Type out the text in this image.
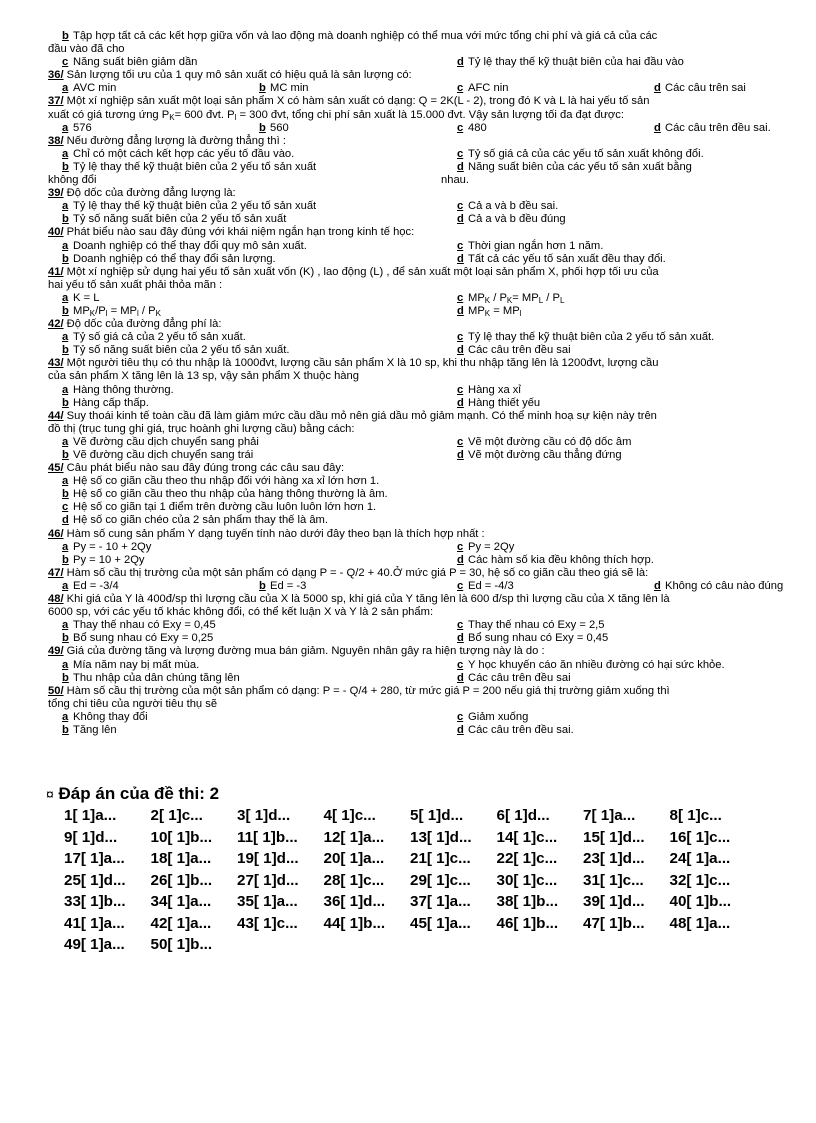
b Tập hợp tất cả các kết hợp giữa vốn và lao động mà doanh nghiệp có thể mua với mức tổng chi phí và giá cả của các
đầu vào đã cho
c Năng suất biên giảm dần	d Tỷ lệ thay thế kỹ thuật biên của hai đầu vào
36/ Sản lượng tối ưu của 1 quy mô sản xuất có hiệu quả là sản lượng có:
a AVC min	b MC min	c AFC nin	d Các câu trên sai
37/ Một xí nghiệp sản xuất một loại sản phẩm X có hàm sản xuất có dạng: Q = 2K(L - 2), trong đó K và L là hai yếu tố sản
xuất có giá tương ứng $P_K= 600$ đvt. $P_l = 300$ đvt, tổng chi phí sản xuất là 15.000 đvt. Vậy sản lượng tối đa đạt được:
a 576	b 560	c 480	d Các câu trên đều sai.
38/ Nếu đường đẳng lượng là đường thẳng thì :
a Chỉ có một cách kết hợp các yếu tố đầu vào.	c Tỷ số giá cả của các yếu tố sản xuất không đổi.
b Tỷ lệ thay thế kỹ thuật biên của 2 yếu tố sản xuất	d Năng suất biên của các yếu tố sản xuất bằng
không đổi	nhau.
39/ Độ dốc của đường đẳng lượng là:
a Tỷ lệ thay thế kỹ thuật biên của 2 yếu tố sản xuất	c Cả a và b đều sai.
b Tỷ số năng suất biên của 2 yếu tố sản xuất	d Cả a và b đều đúng
40/ Phát biểu nào sau đây đúng với khái niệm ngắn hạn trong kinh tế học:
a Doanh nghiệp có thể thay đổi quy mô sản xuất.	c Thời gian ngắn hơn 1 năm.
b Doanh nghiệp có thể thay đổi sản lượng.	d Tất cả các yếu tố sản xuất đều thay đổi.
41/ Một xí nghiệp sử dụng hai yếu tố sản xuất vốn (K) , lao động (L) , để sản xuất một loại sản phẩm X, phối hợp tối ưu của
hai yếu tố sản xuất phải thỏa mãn :
a K = L	c $MP_K / P_K= MP_L / P_L$
b $MP_K/P_l = MP_l / P_K$	d $MP_K = MP_l$
42/ Độ dốc của đường đẳng phí là:
a Tỷ số giá cả của 2 yếu tố sản xuất.	c Tỷ lệ thay thế kỹ thuật biên của 2 yếu tố sản xuất.
b Tỷ số năng suất biên của 2 yếu tố sản xuất.	d Các câu trên đều sai
43/ Một người tiêu thụ có thu nhập là 1000đvt, lượng cầu sản phẩm X là 10 sp, khi thu nhập tăng lên là 1200đvt, lượng cầu
của sản phẩm X tăng lên là 13 sp, vậy sản phẩm X thuộc hàng
a Hàng thông thường.	c Hàng xa xỉ
b Hàng cấp thấp.	d Hàng thiết yếu
44/ Suy thoái kinh tế toàn cầu đã làm giảm mức cầu dầu mỏ nên giá dầu mỏ giảm mạnh. Có thể minh hoạ sự kiện này trên
đồ thị (trục tung ghi giá, trục hoành ghi lượng cầu) bằng cách:
a Vẽ đường cầu dịch chuyển sang phải	c Vẽ một đường cầu có độ dốc âm
b Vẽ đường cầu dịch chuyển sang trái	d Vẽ một đường cầu thẳng đứng
45/ Câu phát biểu nào sau đây đúng trong các câu sau đây:
a Hệ số co giãn cầu theo thu nhập đối với hàng xa xỉ lớn hơn 1.
b Hệ số co giãn cầu theo thu nhập của hàng thông thường là âm.
c Hệ số co giãn tại 1 điểm trên đường cầu luôn luôn lớn hơn 1.
d Hệ số co giãn chéo của 2 sản phẩm thay thế là âm.
46/ Hàm số cung sản phẩm Y dạng tuyến tính nào dưới đây theo bạn là thích hợp nhất :
a Py = - 10 + 2Qy	c Py = 2Qy
b Py = 10 + 2Qy	d Các hàm số kia đều không thích hợp.
47/ Hàm số cầu thị trường của một sản phẩm có dạng P = - Q/2 + 40.Ở mức giá P = 30, hệ số co giãn cầu theo giá sẽ là:
a Ed = -3/4	b Ed = -3	c Ed = -4/3	d Không có câu nào đúng
48/ Khi giá của Y là 400đ/sp thì lượng cầu của X là 5000 sp, khi giá của Y tăng lên là 600 đ/sp thì lượng cầu của X tăng lên là
6000 sp, với các yếu tố khác không đổi, có thể kết luận X và Y là 2 sản phẩm:
a Thay thế nhau có Exy = 0,45	c Thay thế nhau có Exy = 2,5
b Bổ sung nhau có Exy = 0,25	d Bổ sung nhau có Exy = 0,45
49/ Giá của đường tăng và lượng đường mua bán giảm. Nguyên nhân gây ra hiện tượng này là do :
a Mía năm nay bị mất mùa.	c Y học khuyến cáo ăn nhiều đường có hại sức khỏe.
b Thu nhập của dân chúng tăng lên	d Các câu trên đều sai
50/ Hàm số cầu thị trường của một sản phẩm có dạng: P = - Q/4 + 280, từ mức giá P = 200 nếu giá thị trường giảm xuống thì
tổng chi tiêu của người tiêu thụ sẽ
a Không thay đổi	c Giảm xuống
b Tăng lên	d Các câu trên đều sai.
¤ Đáp án của đề thi: 2
1[ 1]a...	2[ 1]c...	3[ 1]d...	4[ 1]c...	5[ 1]d...	6[ 1]d...	7[ 1]a...	8[ 1]c...
9[ 1]d...	10[ 1]b...	11[ 1]b...	12[ 1]a...	13[ 1]d...	14[ 1]c...	15[ 1]d...	16[ 1]c...
17[ 1]a...	18[ 1]a...	19[ 1]d...	20[ 1]a...	21[ 1]c...	22[ 1]c...	23[ 1]d...	24[ 1]a...
25[ 1]d...	26[ 1]b...	27[ 1]d...	28[ 1]c...	29[ 1]c...	30[ 1]c...	31[ 1]c...	32[ 1]c...
33[ 1]b...	34[ 1]a...	35[ 1]a...	36[ 1]d...	37[ 1]a...	38[ 1]b...	39[ 1]d...	40[ 1]b...
41[ 1]a...	42[ 1]a...	43[ 1]c...	44[ 1]b...	45[ 1]a...	46[ 1]b...	47[ 1]b...	48[ 1]a...
49[ 1]a...	50[ 1]b...
